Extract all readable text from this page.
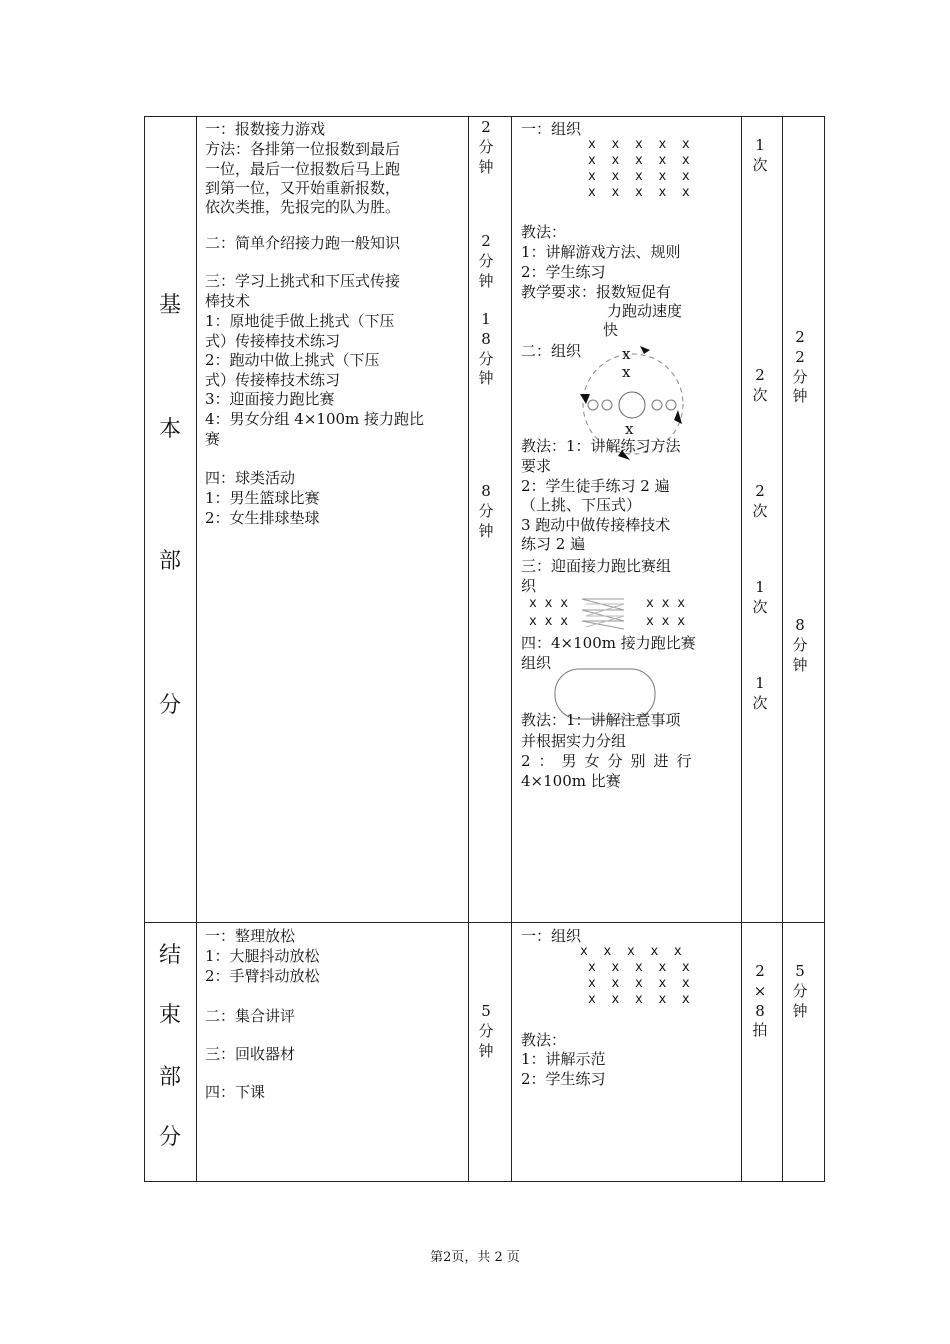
基
本
部
分
一：报数接力游戏
方法：各排第一位报数到最后
一位，最后一位报数后马上跑
到第一位，又开始重新报数，
依次类推，先报完的队为胜。
二：简单介绍接力跑一般知识
三：学习上挑式和下压式传接
棒技术
1：原地徒手做上挑式（下压
式）传接棒技术练习
2：跑动中做上挑式（下压
式）传接棒技术练习
3：迎面接力跑比赛
4：男女分组 4×100m 接力跑比
赛
四：球类活动
1：男生篮球比赛
2：女生排球垫球
2
分
钟
2
分
钟
1
8
分
钟
8
分
钟
一：组织
x  x  x  x  x
x  x  x  x  x
x  x  x  x  x
x  x  x  x  x
教法：
1：讲解游戏方法、规则
2：学生练习
教学要求：报数短促有
力跑动速度
快
二：组织	x
x
x
教法：1：讲解练习方法
要求
2：学生徒手练习 2 遍
（上挑、下压式）
3 跑动中做传接棒技术
练习 2 遍
三：迎面接力跑比赛组
织
x x x
x x x
x x x
x x x
四：4×100m 接力跑比赛
组织
教法：1：讲解注意事项
并根据实力分组
2：男女分别进行
4×100m 比赛
1
次
2
次
2
次
1
次
1
次
2
2
分
钟
8
分
钟
结
束
部
分
一：整理放松
1：大腿抖动放松
2：手臂抖动放松
二：集合讲评
三：回收器材
四：下课
5
分
钟
一：组织
x  x  x  x  x
x  x  x  x  x
x  x  x  x  x
x  x  x  x  x
教法：
1：讲解示范
2：学生练习
2
×
8
拍
5
分
钟
第2页，共 2 页
